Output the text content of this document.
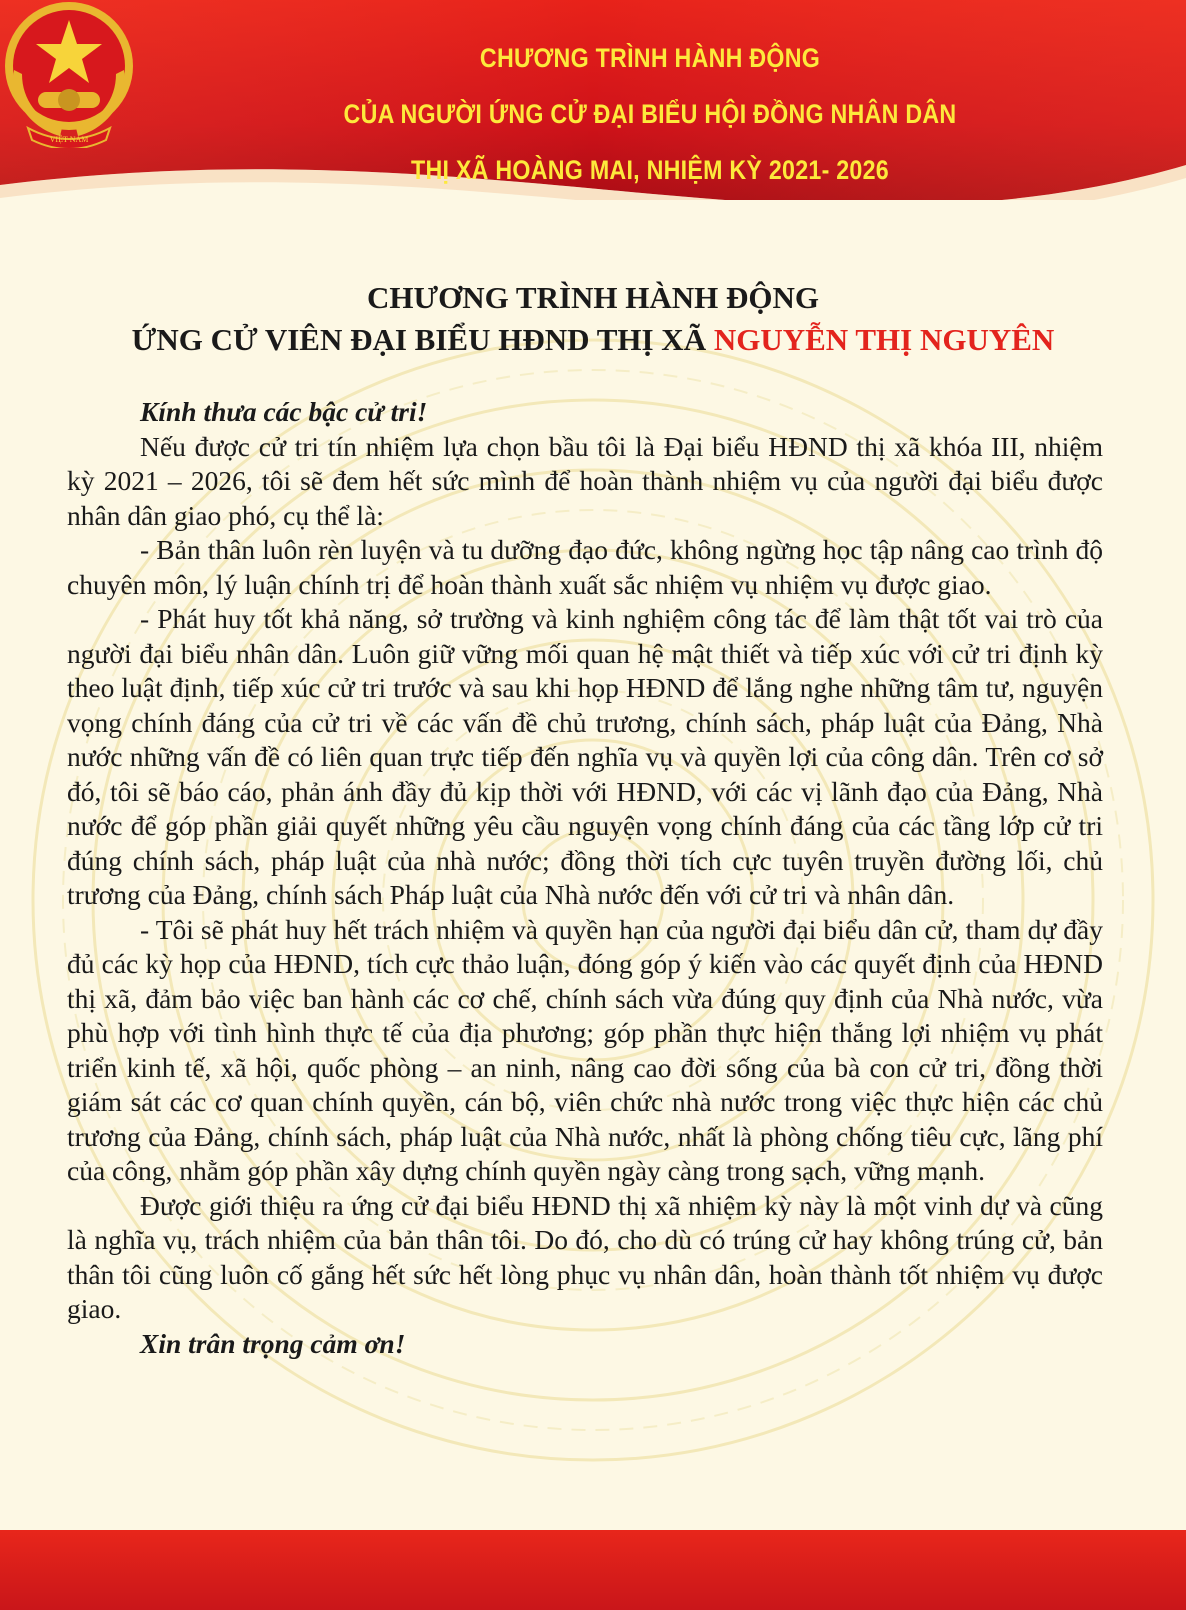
VIỆT NAM
CHƯƠNG TRÌNH HÀNH ĐỘNG
CỦA NGƯỜI ỨNG CỬ ĐẠI BIỂU HỘI ĐỒNG NHÂN DÂN
THỊ XÃ HOÀNG MAI, NHIỆM KỲ 2021- 2026
CHƯƠNG TRÌNH HÀNH ĐỘNG
ỨNG CỬ VIÊN ĐẠI BIỂU HĐND THỊ XÃ NGUYỄN THỊ NGUYÊN

Kính thưa các bậc cử tri!

Nếu được cử tri tín nhiệm lựa chọn bầu tôi là Đại biểu HĐND thị xã khóa III, nhiệm kỳ 2021 – 2026, tôi sẽ đem hết sức mình để hoàn thành nhiệm vụ của người đại biểu được nhân dân giao phó, cụ thể là:

- Bản thân luôn rèn luyện và tu dưỡng đạo đức, không ngừng học tập nâng cao trình độ chuyên môn, lý luận chính trị để hoàn thành xuất sắc nhiệm vụ nhiệm vụ được giao.

- Phát huy tốt khả năng, sở trường và kinh nghiệm công tác để làm thật tốt vai trò của người đại biểu nhân dân. Luôn giữ vững mối quan hệ mật thiết và tiếp xúc với cử tri định kỳ theo luật định, tiếp xúc cử tri trước và sau khi họp HĐND để lắng nghe những tâm tư, nguyện vọng chính đáng của cử tri về các vấn đề chủ trương, chính sách, pháp luật của Đảng, Nhà nước những vấn đề có liên quan trực tiếp đến nghĩa vụ và quyền lợi của công dân. Trên cơ sở đó, tôi sẽ báo cáo, phản ánh đầy đủ kịp thời với HĐND, với các vị lãnh đạo của Đảng, Nhà nước để góp phần giải quyết những yêu cầu nguyện vọng chính đáng của các tầng lớp cử tri đúng chính sách, pháp luật của nhà nước; đồng thời tích cực tuyên truyền đường lối, chủ trương của Đảng, chính sách Pháp luật của Nhà nước đến với cử tri và nhân dân.

- Tôi sẽ phát huy hết trách nhiệm và quyền hạn của người đại biểu dân cử, tham dự đầy đủ các kỳ họp của HĐND, tích cực thảo luận, đóng góp ý kiến vào các quyết định của HĐND thị xã, đảm bảo việc ban hành các cơ chế, chính sách vừa đúng quy định của Nhà nước, vừa phù hợp với tình hình thực tế của địa phương; góp phần thực hiện thắng lợi nhiệm vụ phát triển kinh tế, xã hội, quốc phòng – an ninh, nâng cao đời sống của bà con cử tri, đồng thời giám sát các cơ quan chính quyền, cán bộ, viên chức nhà nước trong việc thực hiện các chủ trương của Đảng, chính sách, pháp luật của Nhà nước, nhất là phòng chống tiêu cực, lãng phí của công, nhằm góp phần xây dựng chính quyền ngày càng trong sạch, vững mạnh.

Được giới thiệu ra ứng cử đại biểu HĐND thị xã nhiệm kỳ này là một vinh dự và cũng là nghĩa vụ, trách nhiệm của bản thân tôi. Do đó, cho dù có trúng cử hay không trúng cử, bản thân tôi cũng luôn cố gắng hết sức hết lòng phục vụ nhân dân, hoàn thành tốt nhiệm vụ được giao.

Xin trân trọng cảm ơn!
